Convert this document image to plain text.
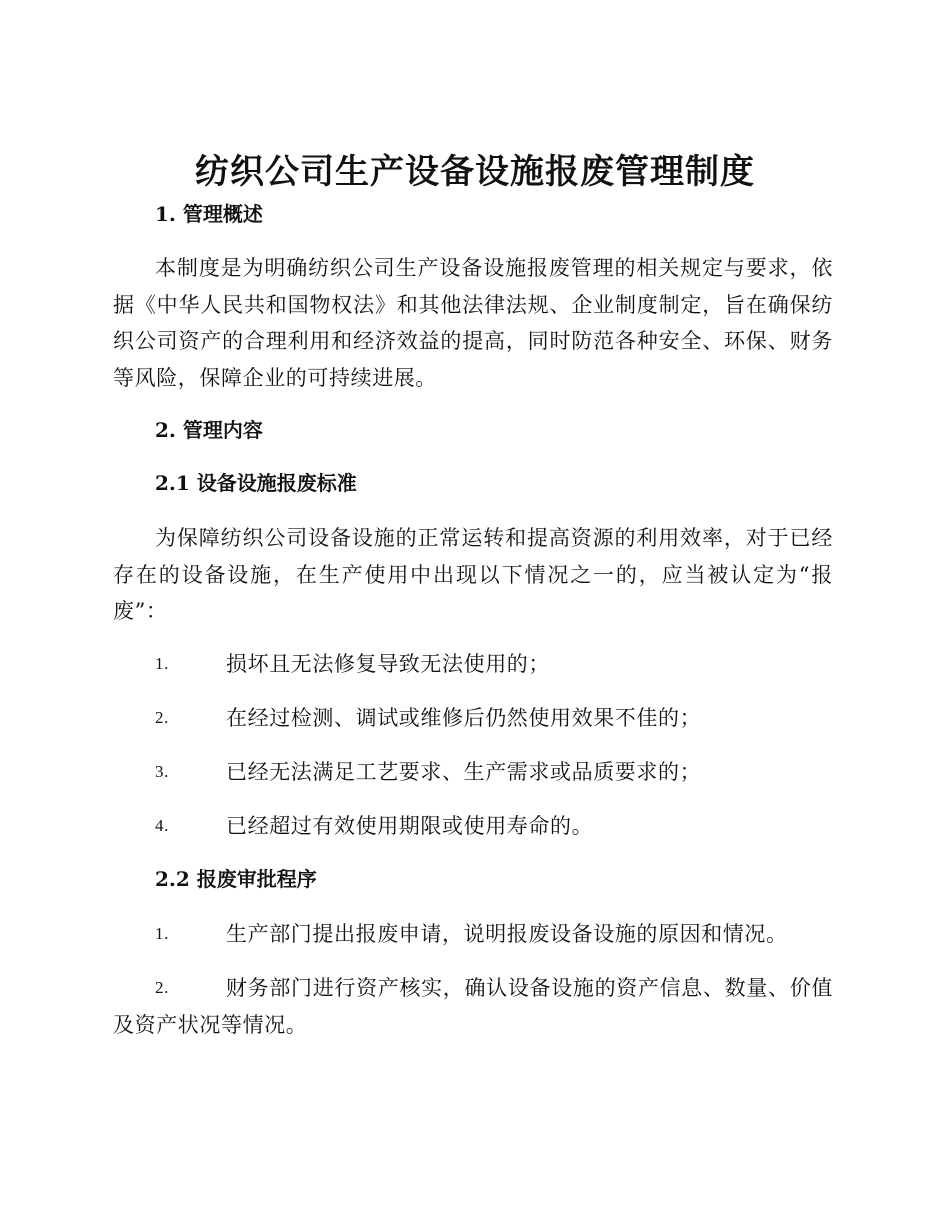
纺织公司生产设备设施报废管理制度
1. 管理概述

本制度是为明确纺织公司生产设备设施报废管理的相关规定与要求，依据《中华人民共和国物权法》和其他法律法规、企业制度制定，旨在确保纺织公司资产的合理利用和经济效益的提高，同时防范各种安全、环保、财务等风险，保障企业的可持续进展。

2. 管理内容
2.1 设备设施报废标准

为保障纺织公司设备设施的正常运转和提高资源的利用效率，对于已经存在的设备设施，在生产使用中出现以下情况之一的，应当被认定为“报废”：

1.	损坏且无法修复导致无法使用的；
2.	在经过检测、调试或维修后仍然使用效果不佳的；
3.	已经无法满足工艺要求、生产需求或品质要求的；
4.	已经超过有效使用期限或使用寿命的。
2.2 报废审批程序
1.	生产部门提出报废申请，说明报废设备设施的原因和情况。
2.	财务部门进行资产核实，确认设备设施的资产信息、数量、价值及资产状况等情况。
